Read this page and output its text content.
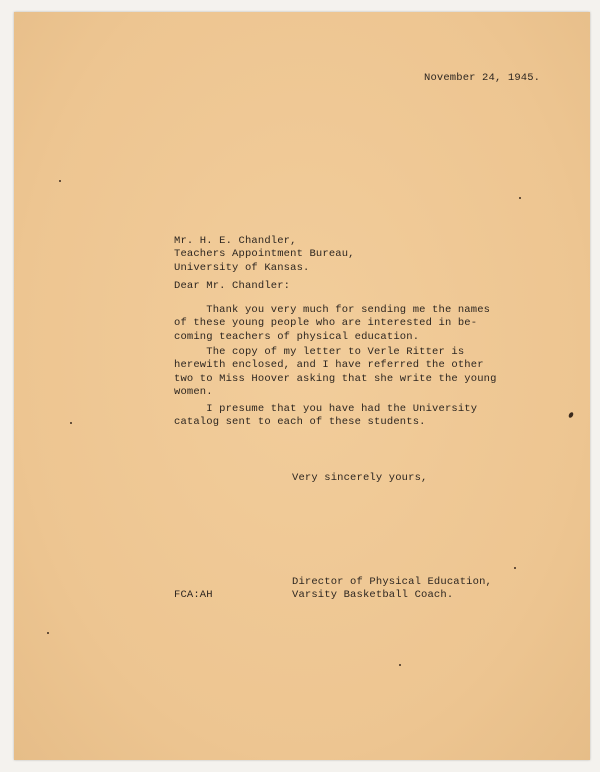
November 24, 1945.
Mr. H. E. Chandler,
Teachers Appointment Bureau,
University of Kansas.
Dear Mr. Chandler:
Thank you very much for sending me the names
of these young people who are interested in be-
coming teachers of physical education.
The copy of my letter to Verle Ritter is
herewith enclosed, and I have referred the other
two to Miss Hoover asking that she write the young
women.
I presume that you have had the University
catalog sent to each of these students.
Very sincerely yours,
Director of Physical Education,
Varsity Basketball Coach.
FCA:AH
